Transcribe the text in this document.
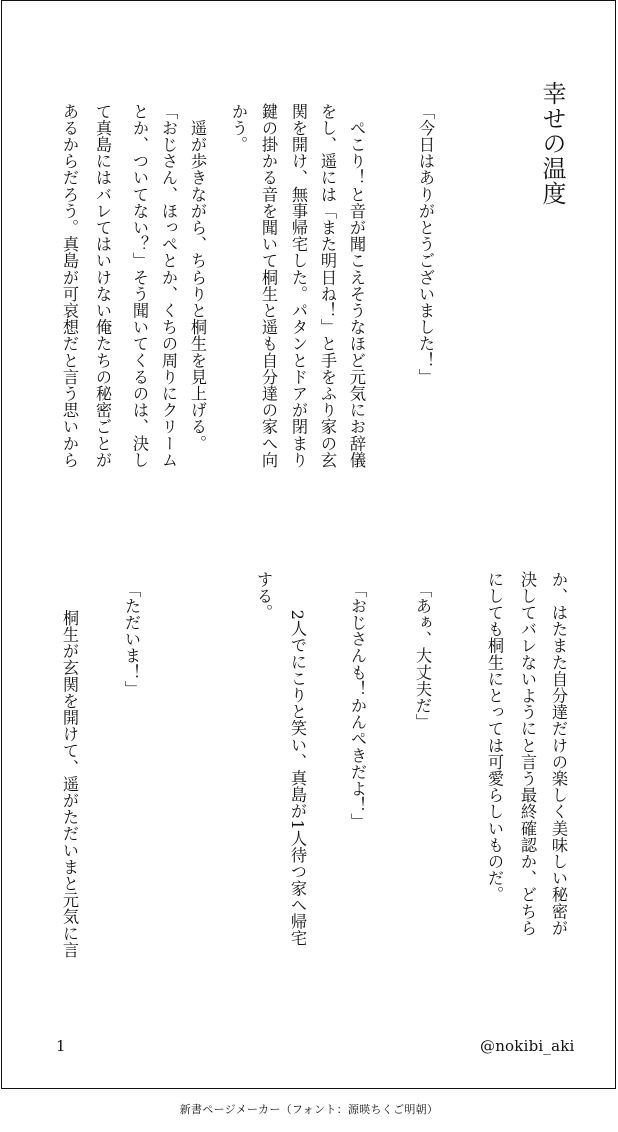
幸せの温度
「今日はありがとうございました！」
　ぺこり！と音が聞こえそうなほど元気にお辞儀
をし、遥には「また明日ね！」と手をふり家の玄
関を開け、無事帰宅した。パタンとドアが閉まり
鍵の掛かる音を聞いて桐生と遥も自分達の家へ向
かう。
　遥が歩きながら、ちらりと桐生を見上げる。
「おじさん、ほっぺとか、くちの周りにクリーム
とか、ついてない？」そう聞いてくるのは、決し
て真島にはバレてはいけない俺たちの秘密ごとが
あるからだろう。真島が可哀想だと言う思いから
か、はたまた自分達だけの楽しく美味しい秘密が
決してバレないようにと言う最終確認か、どちら
にしても桐生にとっては可愛らしいものだ。
「あぁ、大丈夫だ」
「おじさんも！かんぺきだよ！」
　2人でにこりと笑い、真島が1人待つ家へ帰宅
する。
「ただいま！」
　桐生が玄関を開けて、遥がただいまと元気に言
@nokibi_aki
1
新書ページメーカー（フォント：源暎ちくご明朝）
